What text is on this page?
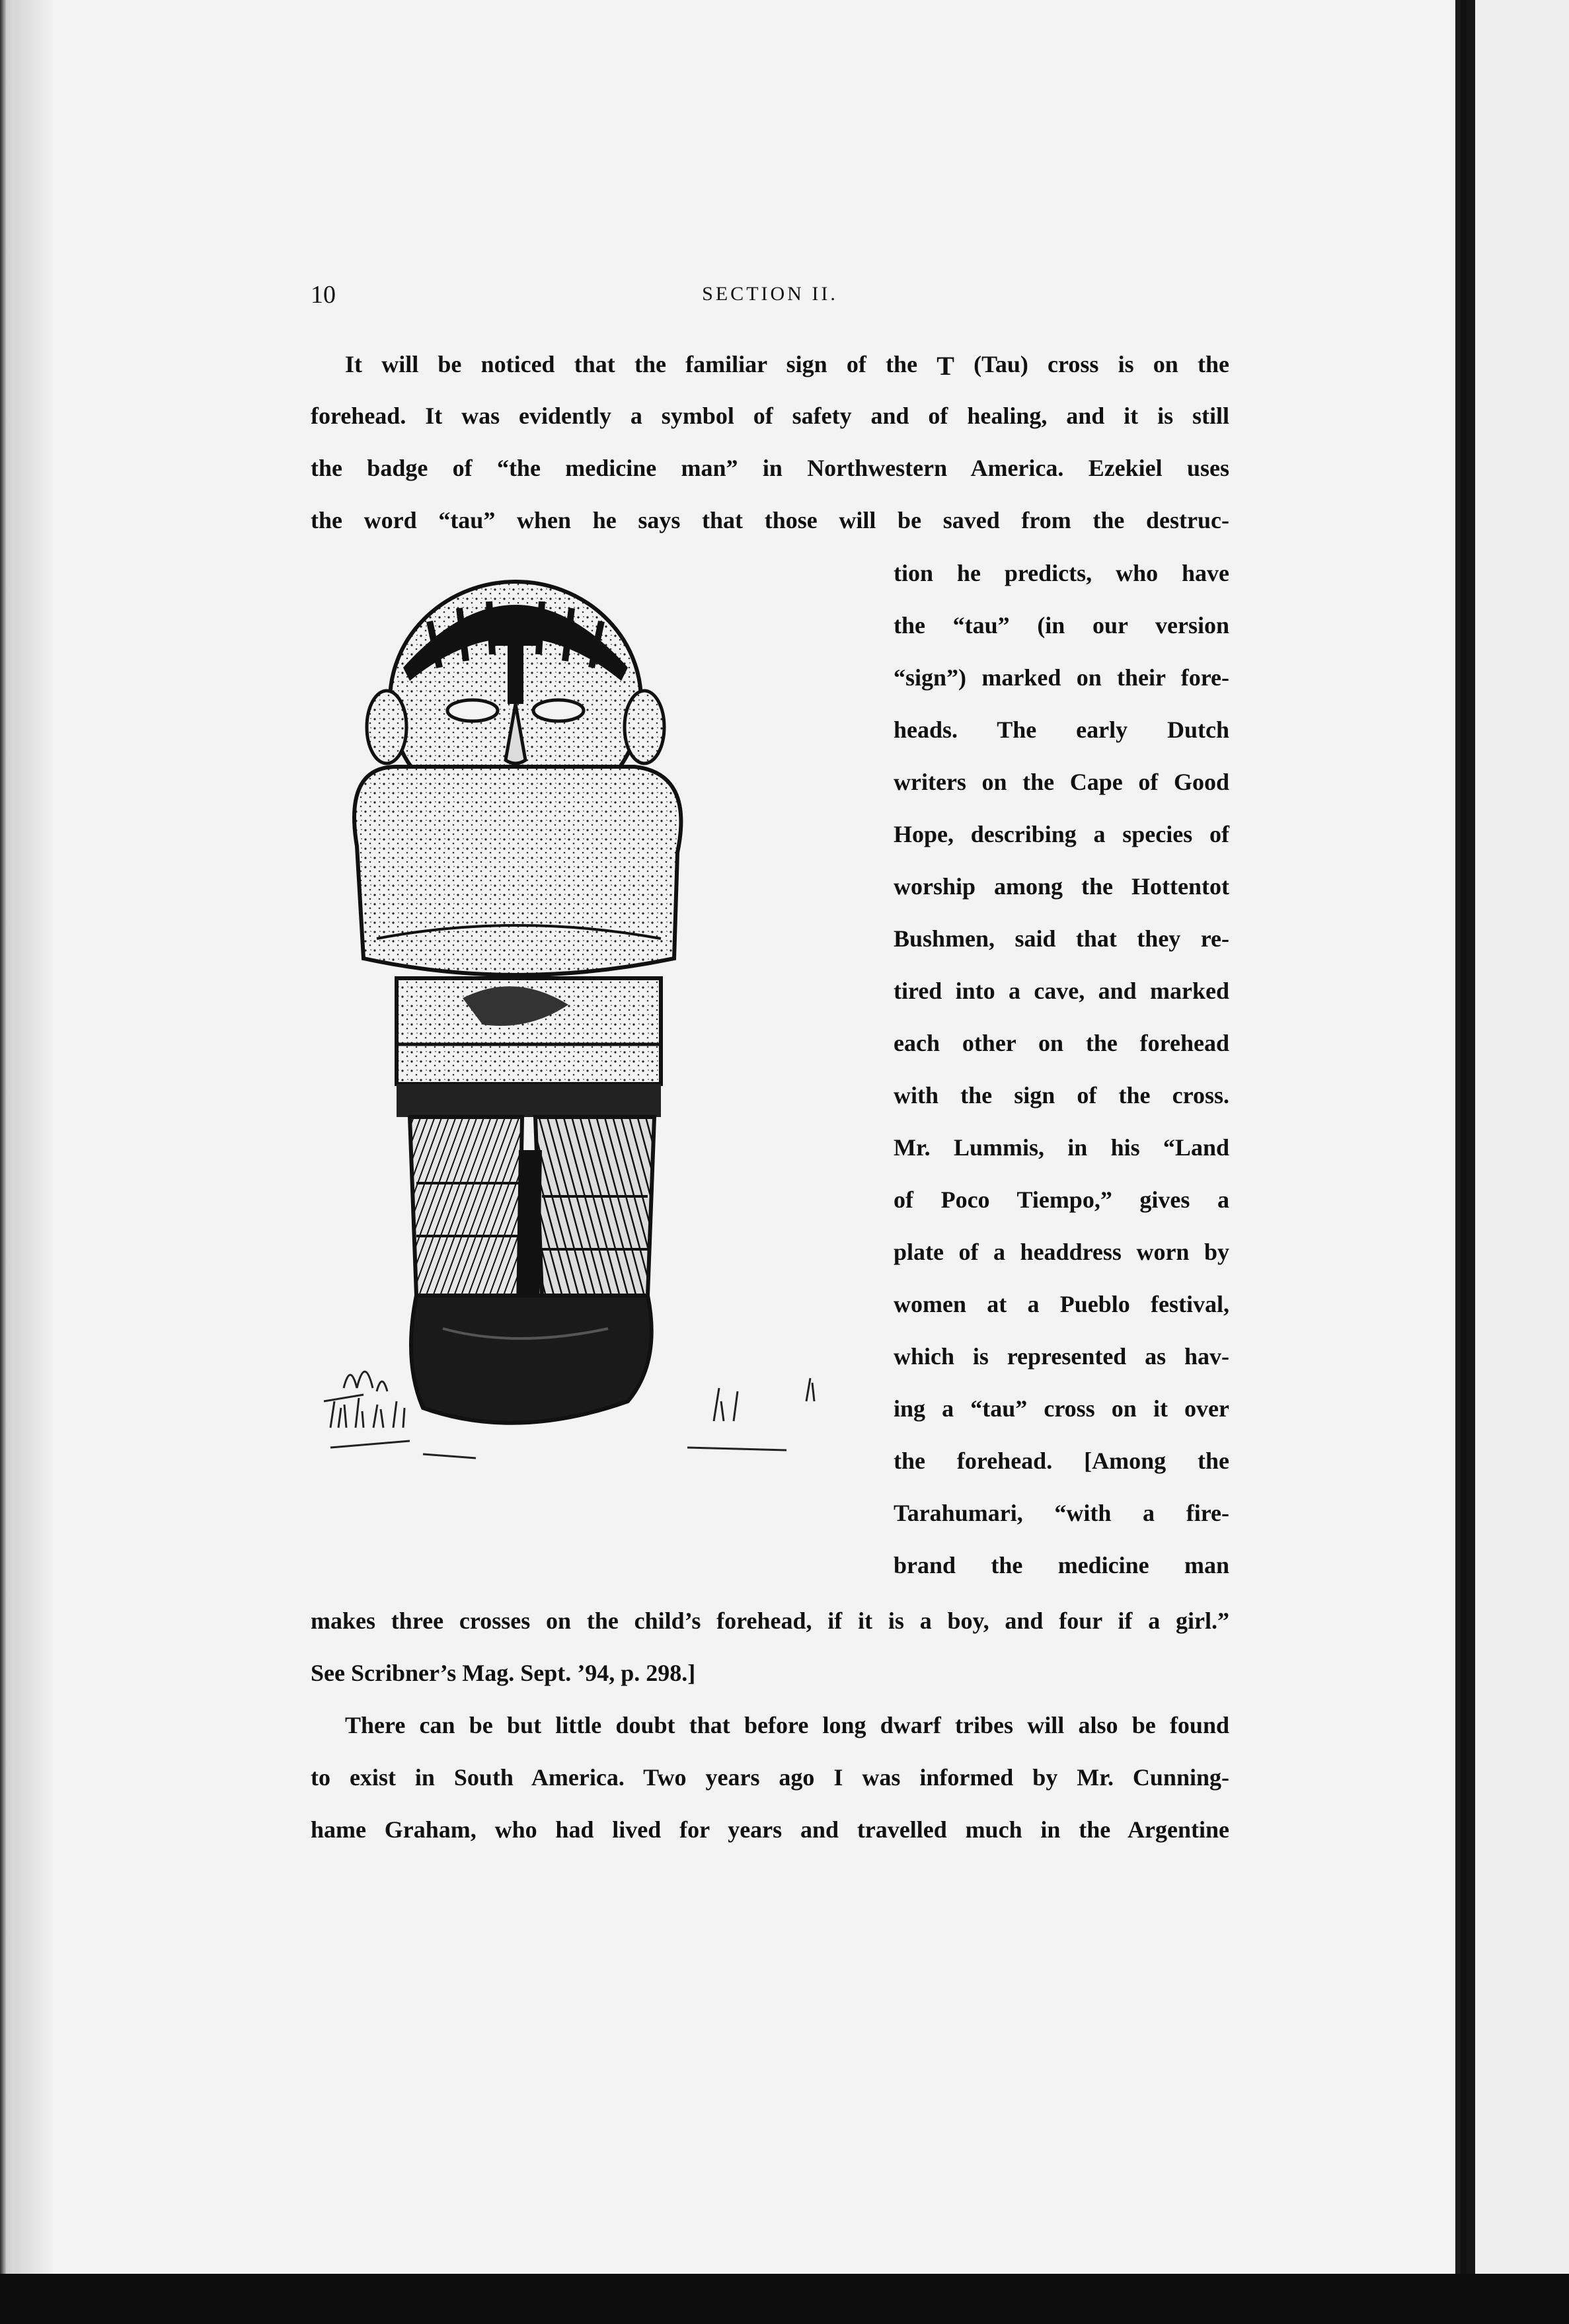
10	SECTION II.
It will be noticed that the familiar sign of the T (Tau) cross is on the
forehead. It was evidently a symbol of safety and of healing, and it is still
the badge of “the medicine man” in Northwestern America. Ezekiel uses
the word “tau” when he says that those will be saved from the destruc-
tion he predicts, who have
the “tau” (in our version
“sign”) marked on their fore-
heads. The early Dutch
writers on the Cape of Good
Hope, describing a species of
worship among the Hottentot
Bushmen, said that they re-
tired into a cave, and marked
each other on the forehead
with the sign of the cross.
Mr. Lummis, in his “Land
of Poco Tiempo,” gives a
plate of a headdress worn by
women at a Pueblo festival,
which is represented as hav-
ing a “tau” cross on it over
the forehead. [Among the
Tarahumari, “with a fire-
brand the medicine man
makes three crosses on the child’s forehead, if it is a boy, and four if a girl.”
See Scribner’s Mag. Sept. ’94, p. 298.]
There can be but little doubt that before long dwarf tribes will also be found
to exist in South America. Two years ago I was informed by Mr. Cunning-
hame Graham, who had lived for years and travelled much in the Argentine
